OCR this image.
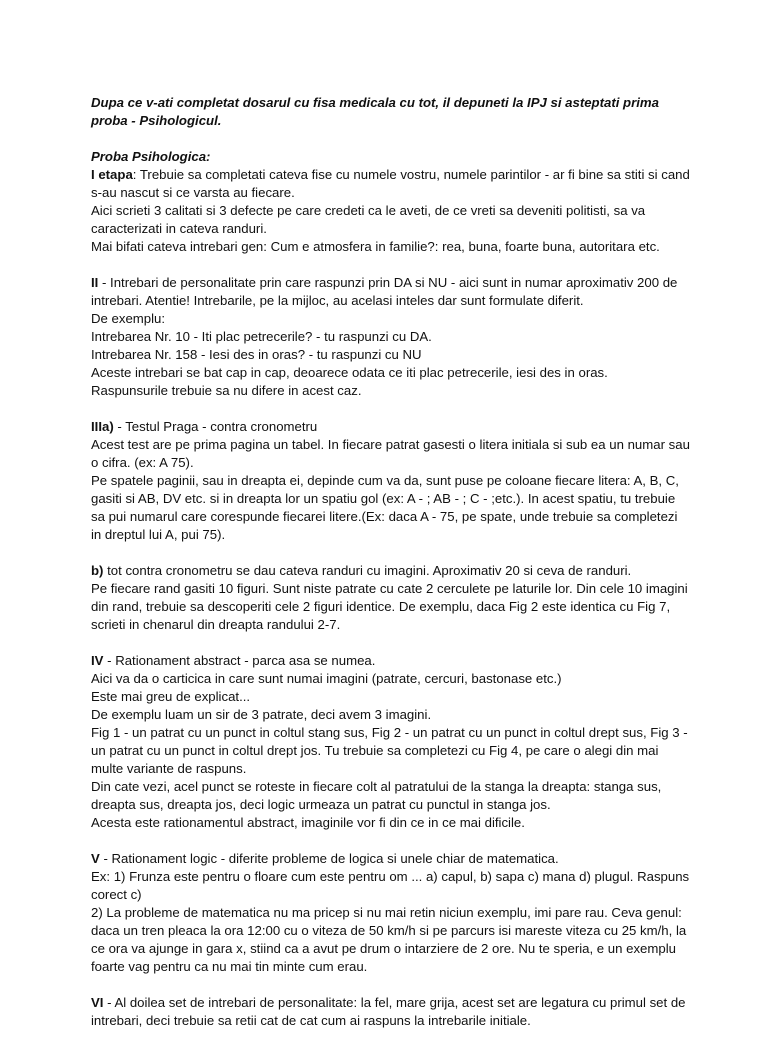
Dupa ce v-ati completat dosarul cu fisa medicala cu tot, il depuneti la IPJ si asteptati prima proba - Psihologicul.

Proba Psihologica:
I etapa: Trebuie sa completati cateva fise cu numele vostru, numele parintilor - ar fi bine sa stiti si cand s-au nascut si ce varsta au fiecare.
Aici scrieti 3 calitati si 3 defecte pe care credeti ca le aveti, de ce vreti sa deveniti politisti, sa va caracterizati in cateva randuri.
Mai bifati cateva intrebari gen: Cum e atmosfera in familie?: rea, buna, foarte buna, autoritara etc.

II - Intrebari de personalitate prin care raspunzi prin DA si NU - aici sunt in numar aproximativ 200 de intrebari. Atentie! Intrebarile, pe la mijloc, au acelasi inteles dar sunt formulate diferit.
De exemplu:
Intrebarea Nr. 10 - Iti plac petrecerile? - tu raspunzi cu DA.
Intrebarea Nr. 158 - Iesi des in oras? - tu raspunzi cu NU
Aceste intrebari se bat cap in cap, deoarece odata ce iti plac petrecerile, iesi des in oras.
Raspunsurile trebuie sa nu difere in acest caz.

IIIa) - Testul Praga - contra cronometru
Acest test are pe prima pagina un tabel. In fiecare patrat gasesti o litera initiala si sub ea un numar sau o cifra. (ex: A 75).
Pe spatele paginii, sau in dreapta ei, depinde cum va da, sunt puse pe coloane fiecare litera: A, B, C, gasiti si AB, DV etc. si in dreapta lor un spatiu gol (ex: A - ; AB - ; C - ;etc.). In acest spatiu, tu trebuie sa pui numarul care corespunde fiecarei litere.(Ex: daca A - 75, pe spate, unde trebuie sa completezi in dreptul lui A, pui 75).

b) tot contra cronometru se dau cateva randuri cu imagini. Aproximativ 20 si ceva de randuri.
Pe fiecare rand gasiti 10 figuri. Sunt niste patrate cu cate 2 cerculete pe laturile lor. Din cele 10 imagini din rand, trebuie sa descoperiti cele 2 figuri identice. De exemplu, daca Fig 2 este identica cu Fig 7, scrieti in chenarul din dreapta randului 2-7.

IV - Rationament abstract - parca asa se numea.
Aici va da o carticica in care sunt numai imagini (patrate, cercuri, bastonase etc.)
Este mai greu de explicat...
De exemplu luam un sir de 3 patrate, deci avem 3 imagini.
Fig 1 - un patrat cu un punct in coltul stang sus, Fig 2 - un patrat cu un punct in coltul drept sus, Fig 3 - un patrat cu un punct in coltul drept jos. Tu trebuie sa completezi cu Fig 4, pe care o alegi din mai multe variante de raspuns.
Din cate vezi, acel punct se roteste in fiecare colt al patratului de la stanga la dreapta: stanga sus, dreapta sus, dreapta jos, deci logic urmeaza un patrat cu punctul in stanga jos.
Acesta este rationamentul abstract, imaginile vor fi din ce in ce mai dificile.

V - Rationament logic - diferite probleme de logica si unele chiar de matematica.
Ex: 1) Frunza este pentru o floare cum este pentru om ... a) capul, b) sapa c) mana d) plugul. Raspuns corect c)
2) La probleme de matematica nu ma pricep si nu mai retin niciun exemplu, imi pare rau. Ceva genul: daca un tren pleaca la ora 12:00 cu o viteza de 50 km/h si pe parcurs isi mareste viteza cu 25 km/h, la ce ora va ajunge in gara x, stiind ca a avut pe drum o intarziere de 2 ore. Nu te speria, e un exemplu foarte vag pentru ca nu mai tin minte cum erau.

VI - Al doilea set de intrebari de personalitate: la fel, mare grija, acest set are legatura cu primul set de intrebari, deci trebuie sa retii cat de cat cum ai raspuns la intrebarile initiale.
